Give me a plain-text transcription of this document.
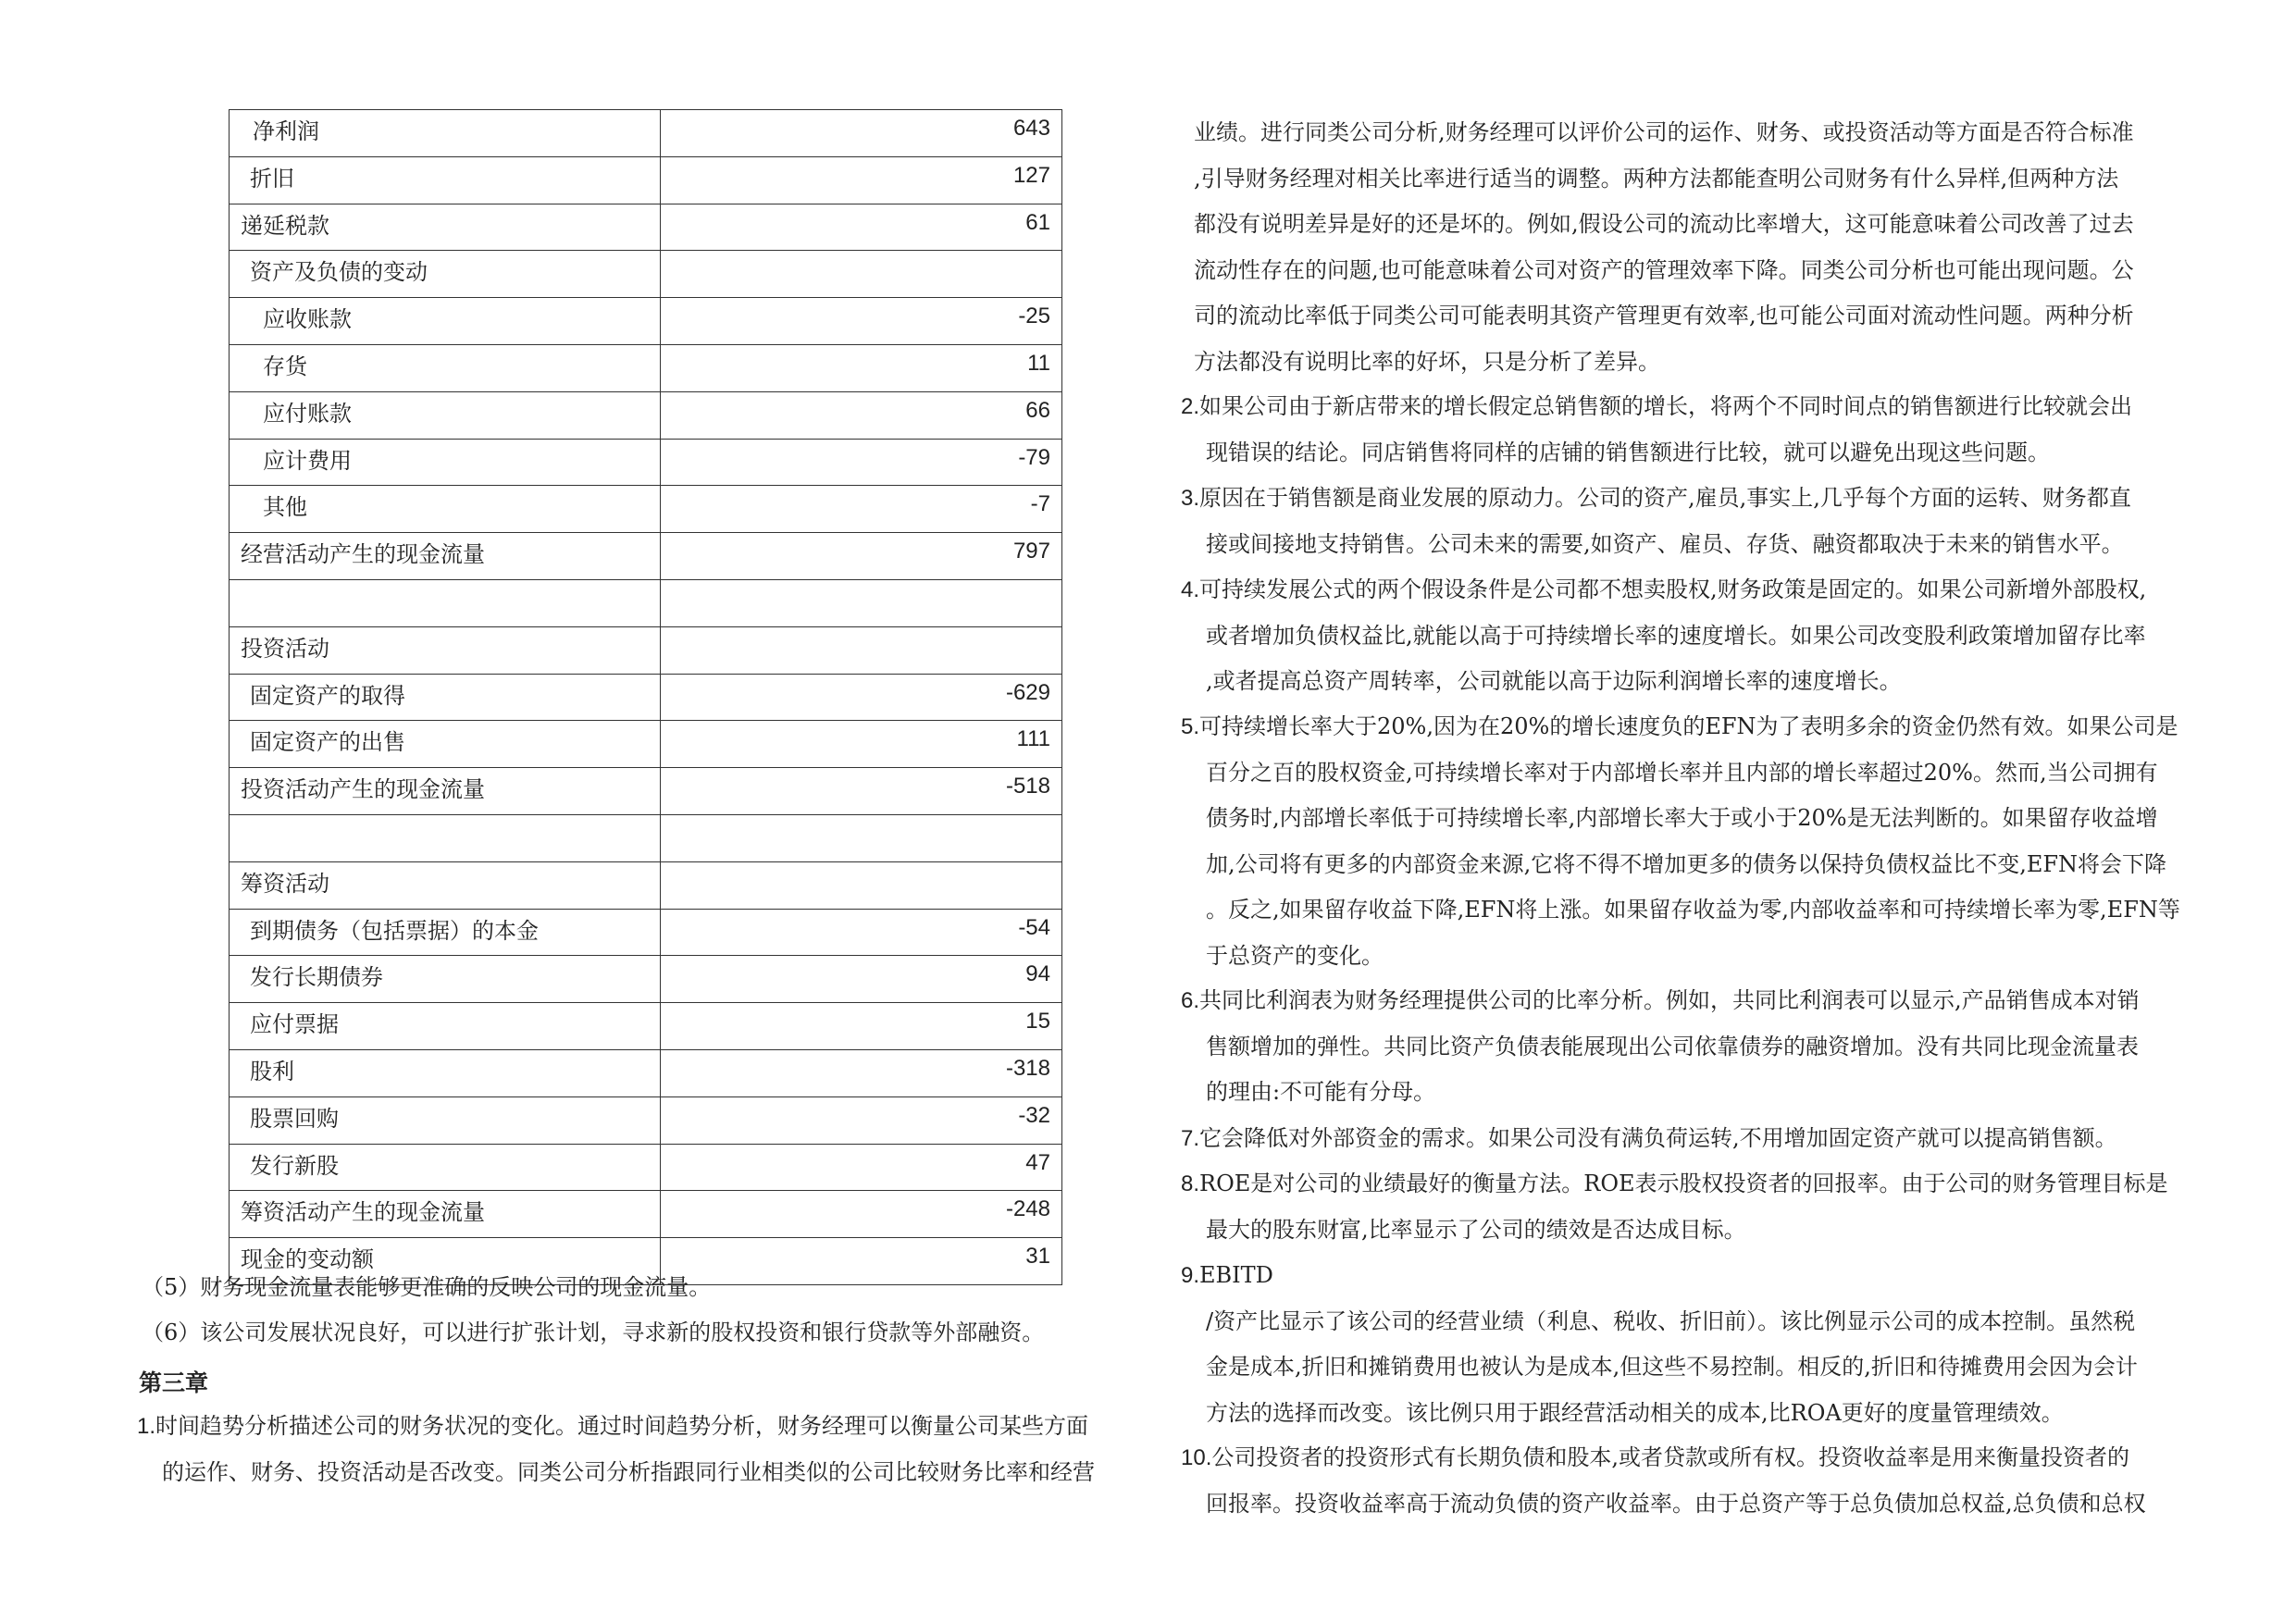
净利润	643

折旧	127

递延税款	61

资产及负债的变动	

应收账款	-25

存货	11

应付账款	66

应计费用	-79

其他	-7

经营活动产生的现金流量	797

投资活动	

固定资产的取得	-629

固定资产的出售	111

投资活动产生的现金流量	-518

筹资活动	

到期债务（包括票据）的本金	-54

发行长期债券	94

应付票据	15

股利	-318

股票回购	-32

发行新股	47

筹资活动产生的现金流量	-248

现金的变动额	31
（5）财务现金流量表能够更准确的反映公司的现金流量。
（6）该公司发展状况良好，可以进行扩张计划，寻求新的股权投资和银行贷款等外部融资。
第三章
1.时间趋势分析描述公司的财务状况的变化。通过时间趋势分析，财务经理可以衡量公司某些方面
的运作、财务、投资活动是否改变。同类公司分析指跟同行业相类似的公司比较财务比率和经营
业绩。进行同类公司分析,财务经理可以评价公司的运作、财务、或投资活动等方面是否符合标准
,引导财务经理对相关比率进行适当的调整。两种方法都能查明公司财务有什么异样,但两种方法
都没有说明差异是好的还是坏的。例如,假设公司的流动比率增大，这可能意味着公司改善了过去
流动性存在的问题,也可能意味着公司对资产的管理效率下降。同类公司分析也可能出现问题。公
司的流动比率低于同类公司可能表明其资产管理更有效率,也可能公司面对流动性问题。两种分析
方法都没有说明比率的好坏，只是分析了差异。
2.如果公司由于新店带来的增长假定总销售额的增长，将两个不同时间点的销售额进行比较就会出
现错误的结论。同店销售将同样的店铺的销售额进行比较，就可以避免出现这些问题。
3.原因在于销售额是商业发展的原动力。公司的资产,雇员,事实上,几乎每个方面的运转、财务都直
接或间接地支持销售。公司未来的需要,如资产、雇员、存货、融资都取决于未来的销售水平。
4.可持续发展公式的两个假设条件是公司都不想卖股权,财务政策是固定的。如果公司新增外部股权,
或者增加负债权益比,就能以高于可持续增长率的速度增长。如果公司改变股利政策增加留存比率
,或者提高总资产周转率，公司就能以高于边际利润增长率的速度增长。
5.可持续增长率大于20%,因为在20%的增长速度负的EFN为了表明多余的资金仍然有效。如果公司是
百分之百的股权资金,可持续增长率对于内部增长率并且内部的增长率超过20%。然而,当公司拥有
债务时,内部增长率低于可持续增长率,内部增长率大于或小于20%是无法判断的。如果留存收益增
加,公司将有更多的内部资金来源,它将不得不增加更多的债务以保持负债权益比不变,EFN将会下降
。反之,如果留存收益下降,EFN将上涨。如果留存收益为零,内部收益率和可持续增长率为零,EFN等
于总资产的变化。
6.共同比利润表为财务经理提供公司的比率分析。例如，共同比利润表可以显示,产品销售成本对销
售额增加的弹性。共同比资产负债表能展现出公司依靠债券的融资增加。没有共同比现金流量表
的理由:不可能有分母。
7.它会降低对外部资金的需求。如果公司没有满负荷运转,不用增加固定资产就可以提高销售额。
8.ROE是对公司的业绩最好的衡量方法。ROE表示股权投资者的回报率。由于公司的财务管理目标是
最大的股东财富,比率显示了公司的绩效是否达成目标。
9.EBITD
/资产比显示了该公司的经营业绩（利息、税收、折旧前）。该比例显示公司的成本控制。虽然税
金是成本,折旧和摊销费用也被认为是成本,但这些不易控制。相反的,折旧和待摊费用会因为会计
方法的选择而改变。该比例只用于跟经营活动相关的成本,比ROA更好的度量管理绩效。
10.公司投资者的投资形式有长期负债和股本,或者贷款或所有权。投资收益率是用来衡量投资者的
回报率。投资收益率高于流动负债的资产收益率。由于总资产等于总负债加总权益,总负债和总权
